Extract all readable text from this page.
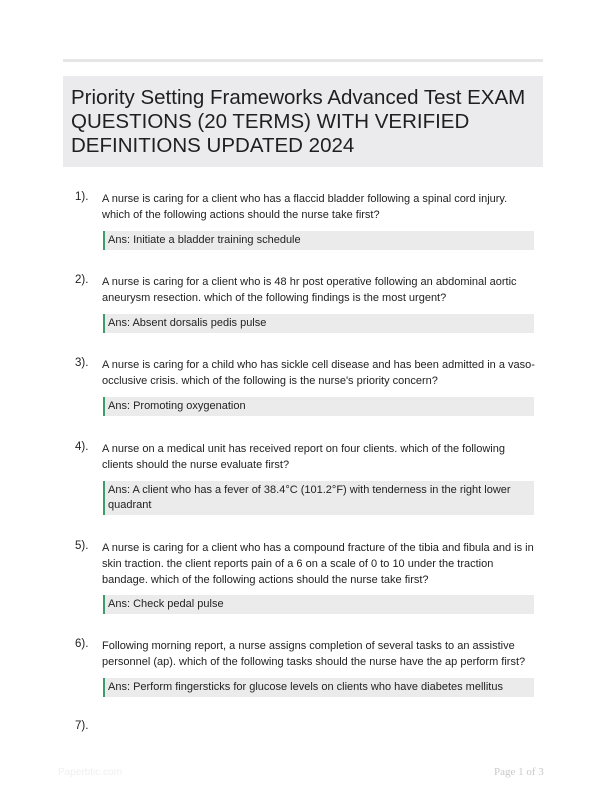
Priority Setting Frameworks Advanced Test EXAM QUESTIONS (20 TERMS) WITH VERIFIED DEFINITIONS UPDATED 2024
1). A nurse is caring for a client who has a flaccid bladder following a spinal cord injury. which of the following actions should the nurse take first?

Ans: Initiate a bladder training schedule
2). A nurse is caring for a client who is 48 hr post operative following an abdominal aortic aneurysm resection. which of the following findings is the most urgent?

Ans: Absent dorsalis pedis pulse
3). A nurse is caring for a child who has sickle cell disease and has been admitted in a vaso-occlusive crisis. which of the following is the nurse's priority concern?

Ans: Promoting oxygenation
4). A nurse on a medical unit has received report on four clients. which of the following clients should the nurse evaluate first?

Ans: A client who has a fever of 38.4°C (101.2°F) with tenderness in the right lower quadrant
5). A nurse is caring for a client who has a compound fracture of the tibia and fibula and is in skin traction. the client reports pain of a 6 on a scale of 0 to 10 under the traction bandage. which of the following actions should the nurse take first?

Ans: Check pedal pulse
6). Following morning report, a nurse assigns completion of several tasks to an assistive personnel (ap). which of the following tasks should the nurse have the ap perform first?

Ans: Perform fingersticks for glucose levels on clients who have diabetes mellitus
7).
Paperbtic.com	Page 1 of 3
